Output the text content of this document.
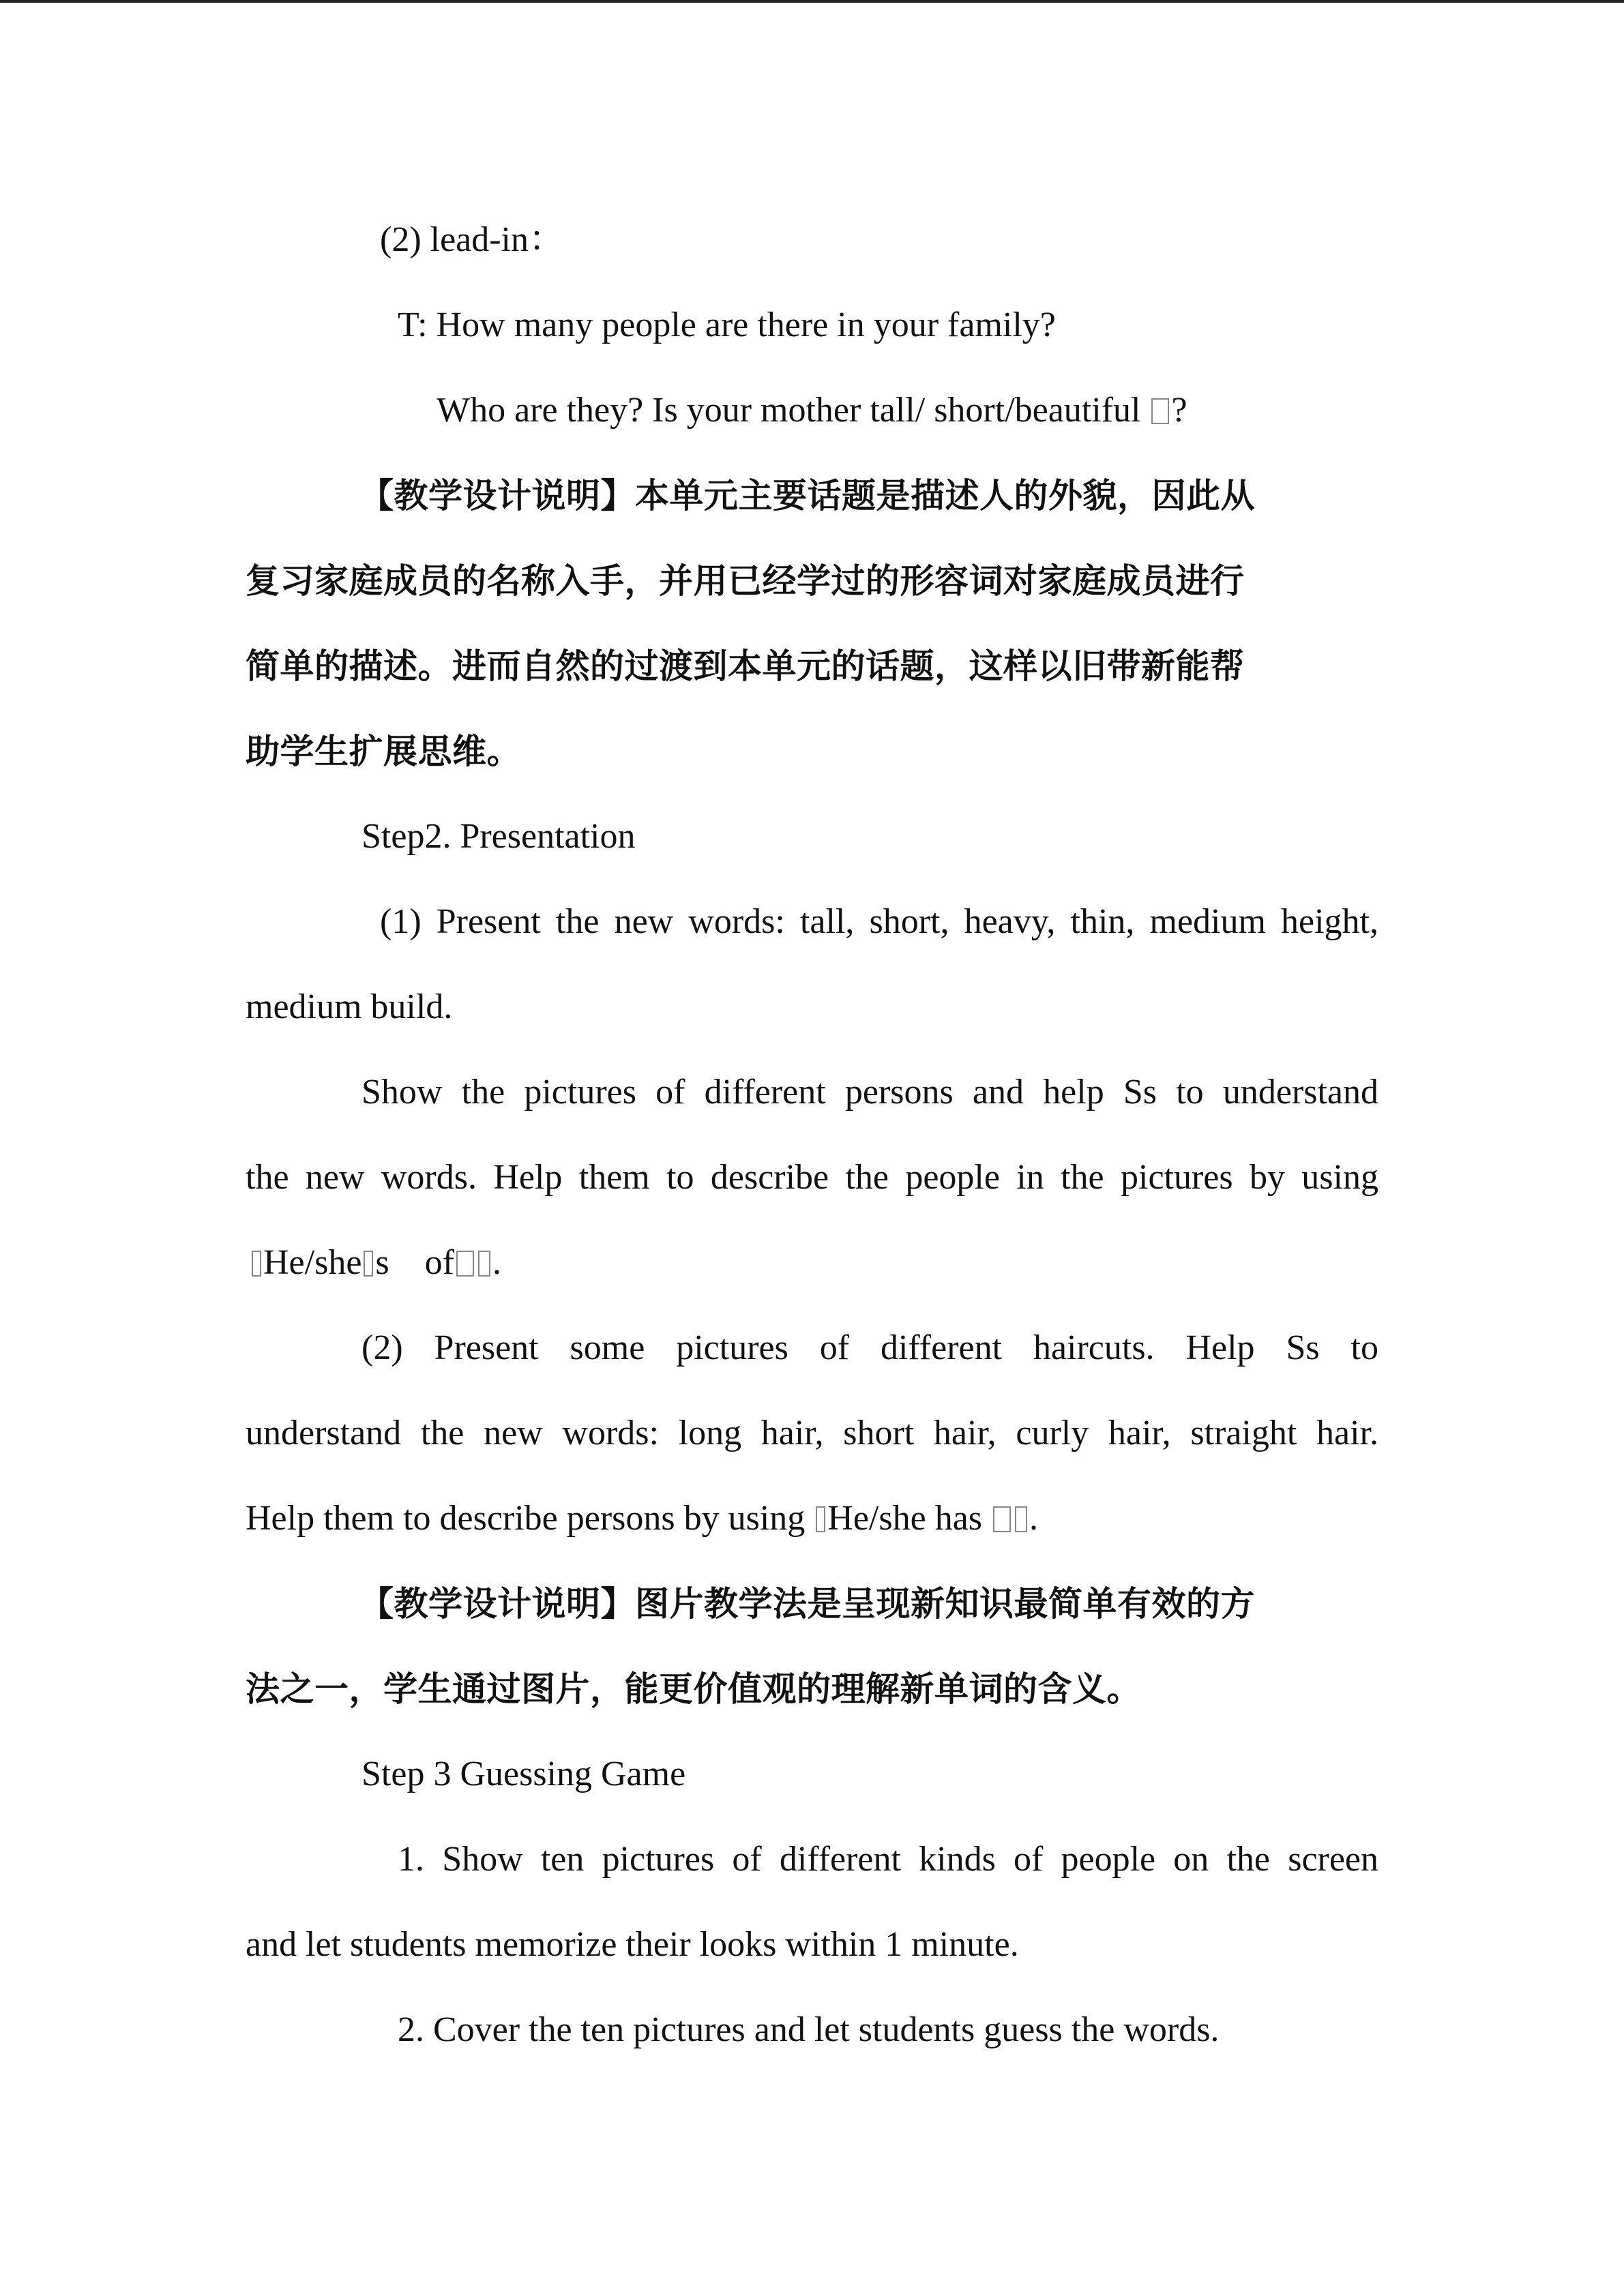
(2) lead-in：

T: How many people are there in your family?

Who are they? Is your mother tall/ short/beautiful ?

【教学设计说明】本单元主要话题是描述人的外貌，因此从

复习家庭成员的名称入手，并用已经学过的形容词对家庭成员进行

简单的描述。进而自然的过渡到本单元的话题，这样以旧带新能帮

助学生扩展思维。

Step2. Presentation

(1) Present the new words: tall, short, heavy, thin, medium height,

medium build.

Show the pictures of different persons and help Ss to understand

the new words. Help them to describe the people in the pictures by using

He/she s of .

(2) Present some pictures of different haircuts. Help Ss to

understand the new words: long hair, short hair, curly hair, straight hair.

Help them to describe persons by using He/she has .

【教学设计说明】图片教学法是呈现新知识最简单有效的方

法之一，学生通过图片，能更价值观的理解新单词的含义。

Step 3 Guessing Game

1. Show ten pictures of different kinds of people on the screen

and let students memorize their looks within 1 minute.

2. Cover the ten pictures and let students guess the words.
